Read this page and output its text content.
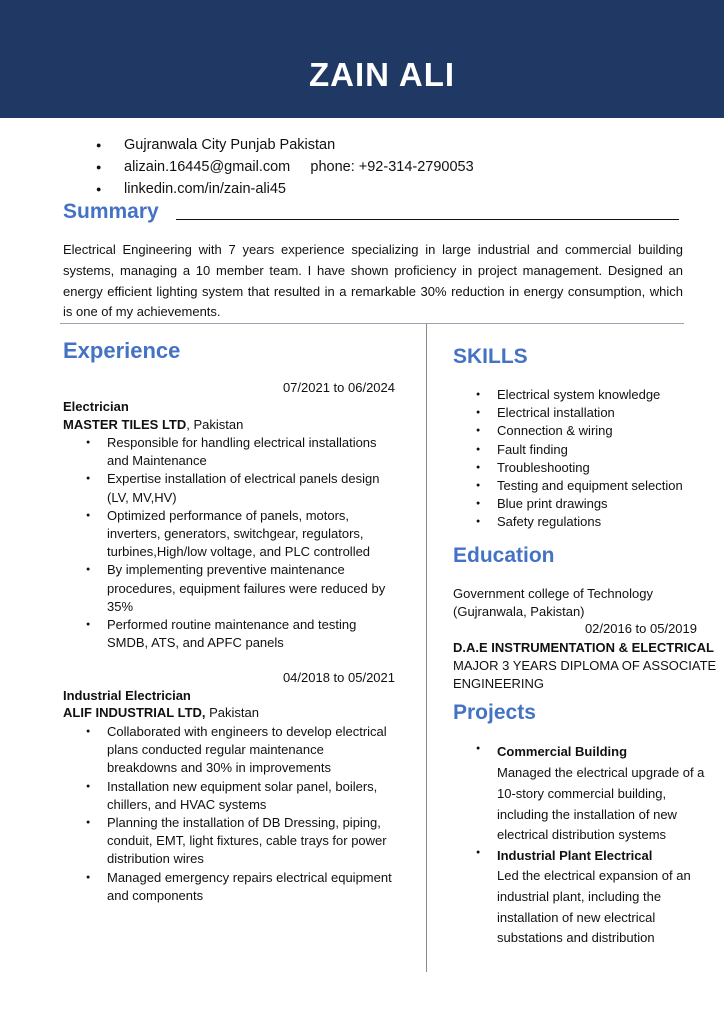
ZAIN ALI
● Gujranwala City Punjab Pakistan
● alizain.16445@gmail.com     phone: +92-314-2790053
● linkedin.com/in/zain-ali45
Summary
Electrical Engineering with 7 years experience specializing in large industrial and commercial building systems, managing a 10 member team. I have shown proficiency in project management. Designed an energy efficient lighting system that resulted in a remarkable 30% reduction in energy consumption, which is one of my achievements.
Experience
07/2021 to 06/2024
Electrician
MASTER TILES LTD, Pakistan
● Responsible for handling electrical installations and Maintenance
● Expertise installation of electrical panels design (LV, MV,HV)
● Optimized performance of panels, motors, inverters, generators, switchgear, regulators, turbines,High/low voltage, and PLC controlled
● By implementing preventive maintenance procedures, equipment failures were reduced by 35%
● Performed routine maintenance and testing SMDB, ATS, and APFC panels
04/2018 to 05/2021
Industrial Electrician
ALIF INDUSTRIAL LTD, Pakistan
● Collaborated with engineers to develop electrical plans conducted regular maintenance breakdowns and 30% in improvements
● Installation new equipment solar panel, boilers, chillers, and HVAC systems
● Planning the installation of DB Dressing, piping, conduit, EMT, light fixtures, cable trays for power distribution wires
● Managed emergency repairs electrical equipment and components
SKILLS
● Electrical system knowledge
● Electrical installation
● Connection & wiring
● Fault finding
● Troubleshooting
● Testing and equipment selection
● Blue print drawings
● Safety regulations
Education
Government college of Technology
(Gujranwala, Pakistan)
02/2016 to 05/2019
D.A.E INSTRUMENTATION & ELECTRICAL
MAJOR 3 YEARS DIPLOMA OF ASSOCIATE
ENGINEERING
Projects
● Commercial Building
Managed the electrical upgrade of a 10-story commercial building, including the installation of new electrical distribution systems
● Industrial Plant Electrical
Led the electrical expansion of an industrial plant, including the installation of new electrical substations and distribution
